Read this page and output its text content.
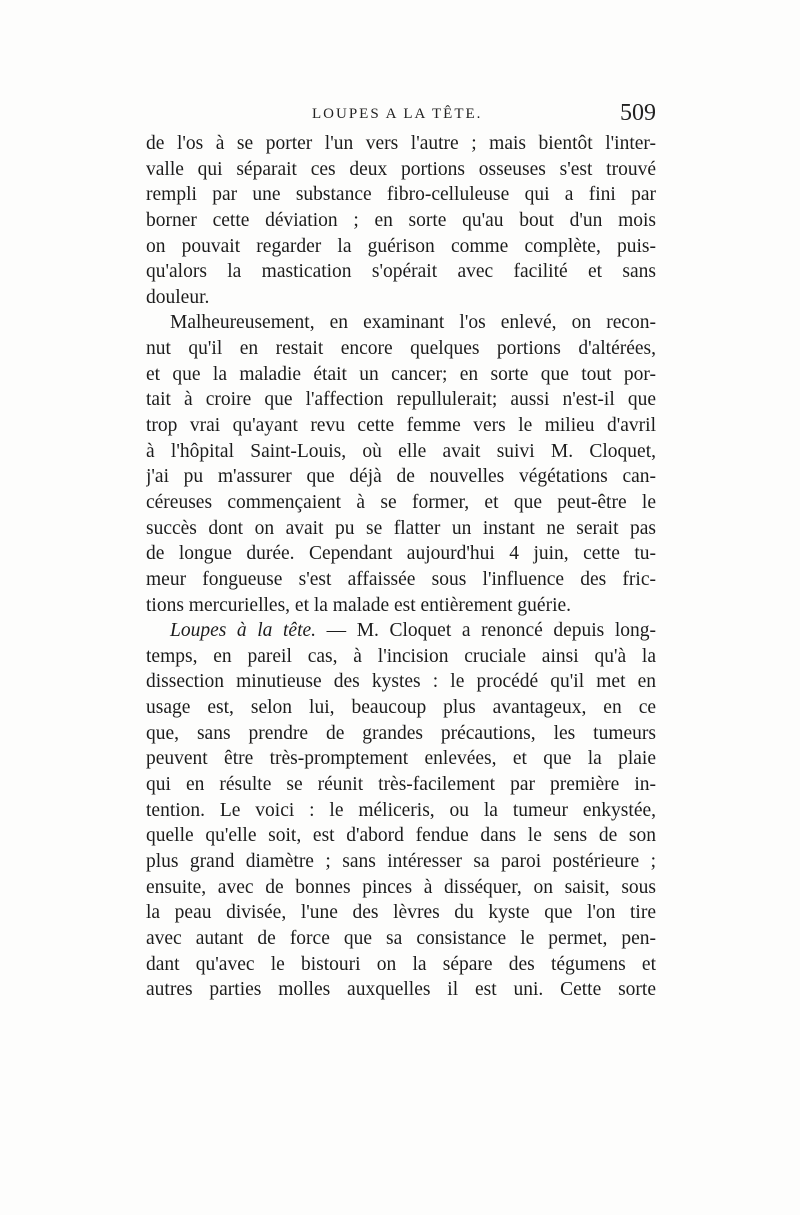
LOUPES A LA TÊTE.	509
de l'os à se porter l'un vers l'autre ; mais bientôt l'inter-
valle qui séparait ces deux portions osseuses s'est trouvé
rempli par une substance fibro-celluleuse qui a fini par
borner cette déviation ; en sorte qu'au bout d'un mois
on pouvait regarder la guérison comme complète, puis-
qu'alors la mastication s'opérait avec facilité et sans
douleur.
Malheureusement, en examinant l'os enlevé, on recon-
nut qu'il en restait encore quelques portions d'altérées,
et que la maladie était un cancer; en sorte que tout por-
tait à croire que l'affection repullulerait; aussi n'est-il que
trop vrai qu'ayant revu cette femme vers le milieu d'avril
à l'hôpital Saint-Louis, où elle avait suivi M. Cloquet,
j'ai pu m'assurer que déjà de nouvelles végétations can-
céreuses commençaient à se former, et que peut-être le
succès dont on avait pu se flatter un instant ne serait pas
de longue durée. Cependant aujourd'hui 4 juin, cette tu-
meur fongueuse s'est affaissée sous l'influence des fric-
tions mercurielles, et la malade est entièrement guérie.
Loupes à la tête. — M. Cloquet a renoncé depuis long-
temps, en pareil cas, à l'incision cruciale ainsi qu'à la
dissection minutieuse des kystes : le procédé qu'il met en
usage est, selon lui, beaucoup plus avantageux, en ce
que, sans prendre de grandes précautions, les tumeurs
peuvent être très-promptement enlevées, et que la plaie
qui en résulte se réunit très-facilement par première in-
tention. Le voici : le méliceris, ou la tumeur enkystée,
quelle qu'elle soit, est d'abord fendue dans le sens de son
plus grand diamètre ; sans intéresser sa paroi postérieure ;
ensuite, avec de bonnes pinces à disséquer, on saisit, sous
la peau divisée, l'une des lèvres du kyste que l'on tire
avec autant de force que sa consistance le permet, pen-
dant qu'avec le bistouri on la sépare des tégumens et
autres parties molles auxquelles il est uni. Cette sorte
